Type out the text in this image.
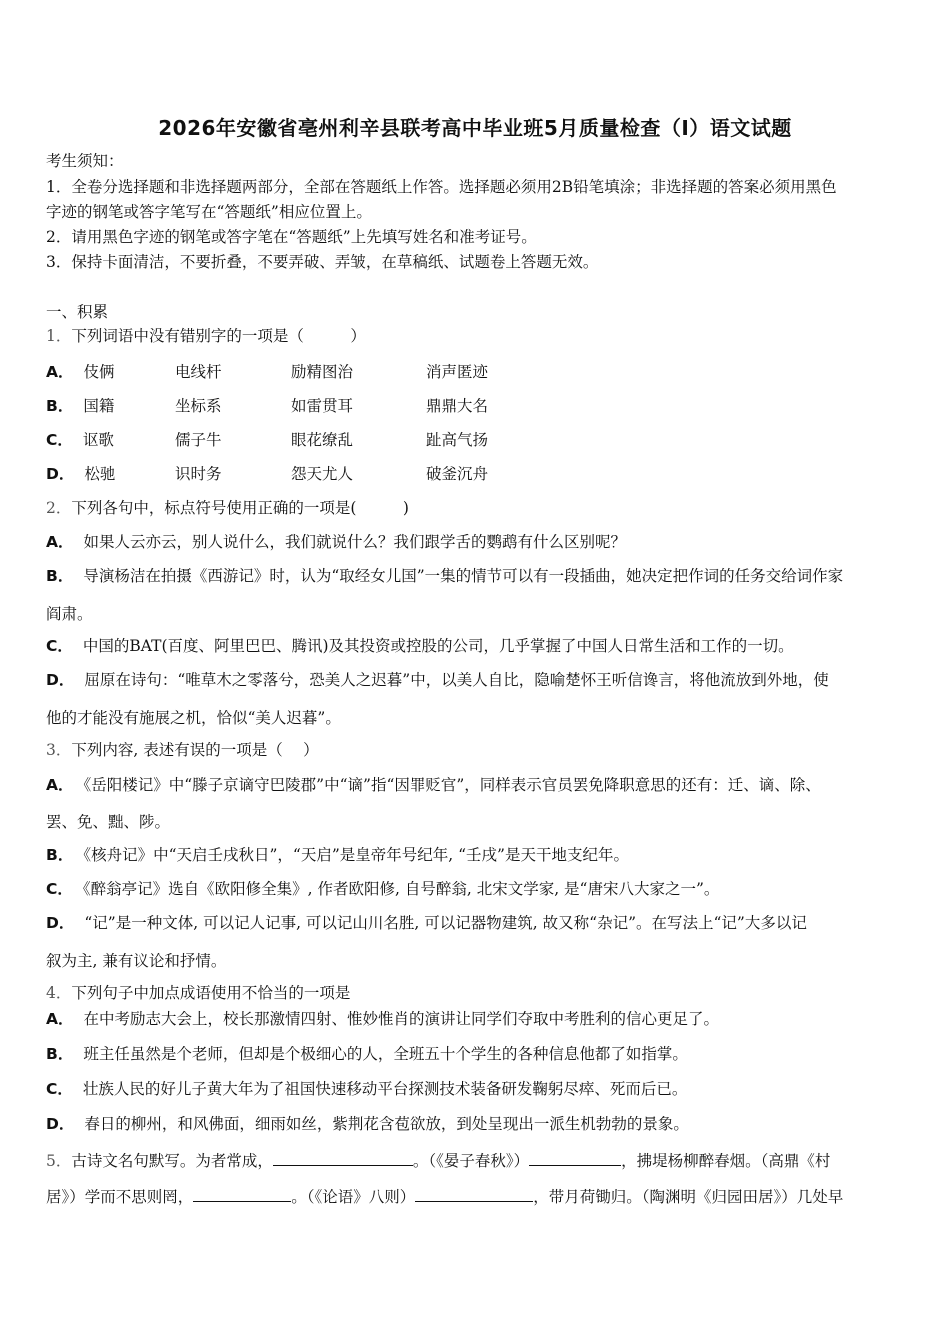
2026年安徽省亳州利辛县联考高中毕业班5月质量检查（Ⅰ）语文试题
考生须知：
1．全卷分选择题和非选择题两部分，全部在答题纸上作答。选择题必须用2B铅笔填涂；非选择题的答案必须用黑色
字迹的钢笔或答字笔写在“答题纸”相应位置上。
2．请用黑色字迹的钢笔或答字笔在“答题纸”上先填写姓名和准考证号。
3．保持卡面清洁，不要折叠，不要弄破、弄皱，在草稿纸、试题卷上答题无效。
一、积累
1．下列词语中没有错别字的一项是（　　　）
A． 伎俩	电线杆	励精图治	消声匿迹
B． 国籍	坐标系	如雷贯耳	鼎鼎大名
C． 讴歌	儒子牛	眼花缭乱	趾高气扬
D． 松驰	识时务	怨天尤人	破釜沉舟
2．下列各句中，标点符号使用正确的一项是(　　　)
A． 如果人云亦云，别人说什么，我们就说什么？我们跟学舌的鹦鹉有什么区别呢？
B． 导演杨洁在拍摄《西游记》时，认为“取经女儿国”一集的情节可以有一段插曲，她决定把作词的任务交给词作家
阎肃。
C． 中国的BAT(百度、阿里巴巴、腾讯)及其投资或控股的公司，几乎掌握了中国人日常生活和工作的一切。
D． 屈原在诗句：“唯草木之零落兮，恐美人之迟暮”中，以美人自比，隐喻楚怀王听信谗言，将他流放到外地，使
他的才能没有施展之机，恰似“美人迟暮”。
3．下列内容, 表述有误的一项是（　 ）
A． 《岳阳楼记》中“滕子京谪守巴陵郡”中“谪”指“因罪贬官”，同样表示官员罢免降职意思的还有：迁、谪、除、
罢、免、黜、陟。
B． 《核舟记》中“天启壬戌秋日”，“天启”是皇帝年号纪年, “壬戌”是天干地支纪年。
C． 《醉翁亭记》选自《欧阳修全集》, 作者欧阳修, 自号醉翁, 北宋文学家, 是“唐宋八大家之一”。
D． “记”是一种文体, 可以记人记事, 可以记山川名胜, 可以记器物建筑, 故又称“杂记”。在写法上“记”大多以记
叙为主, 兼有议论和抒情。
4．下列句子中加点成语使用不恰当的一项是
A． 在中考励志大会上，校长那激情四射、惟妙惟肖的演讲让同学们夺取中考胜利的信心更足了。
B． 班主任虽然是个老师，但却是个极细心的人，全班五十个学生的各种信息他都了如指掌。
C． 壮族人民的好儿子黄大年为了祖国快速移动平台探测技术装备研发鞠躬尽瘁、死而后已。
D． 春日的柳州，和风佛面，细雨如丝，紫荆花含苞欲放，到处呈现出一派生机勃勃的景象。
5．古诗文名句默写。为者常成，	。（《晏子春秋》）	，拂堤杨柳醉春烟。（高鼎《村
居》）学而不思则罔，	。（《论语》八则）	，带月荷锄归。（陶渊明《归园田居》）几处早
